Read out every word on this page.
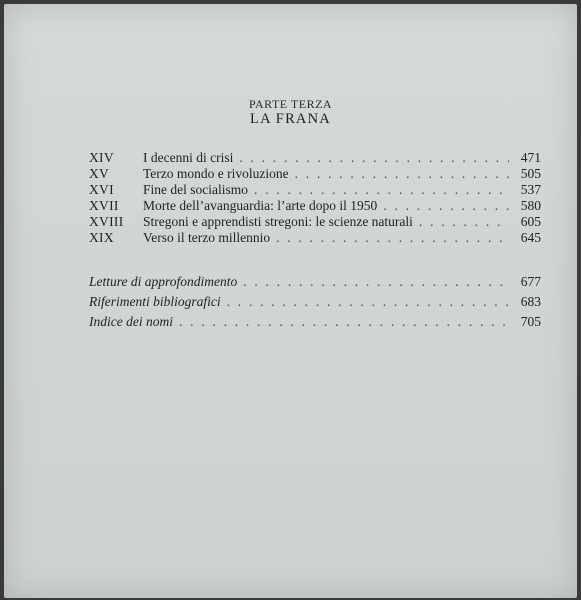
PARTE TERZA
LA FRANA
XIV	I decenni di crisi . . .	471
XV	Terzo mondo e rivoluzione . . .	505
XVI	Fine del socialismo . . .	537
XVII	Morte dell’avanguardia: l’arte dopo il 1950 . . .	580
XVIII	Stregoni e apprendisti stregoni: le scienze naturali . . .	605
XIX	Verso il terzo millennio . . .	645
Letture di approfondimento . . .	677
Riferimenti bibliografici . . .	683
Indice dei nomi . . .	705
